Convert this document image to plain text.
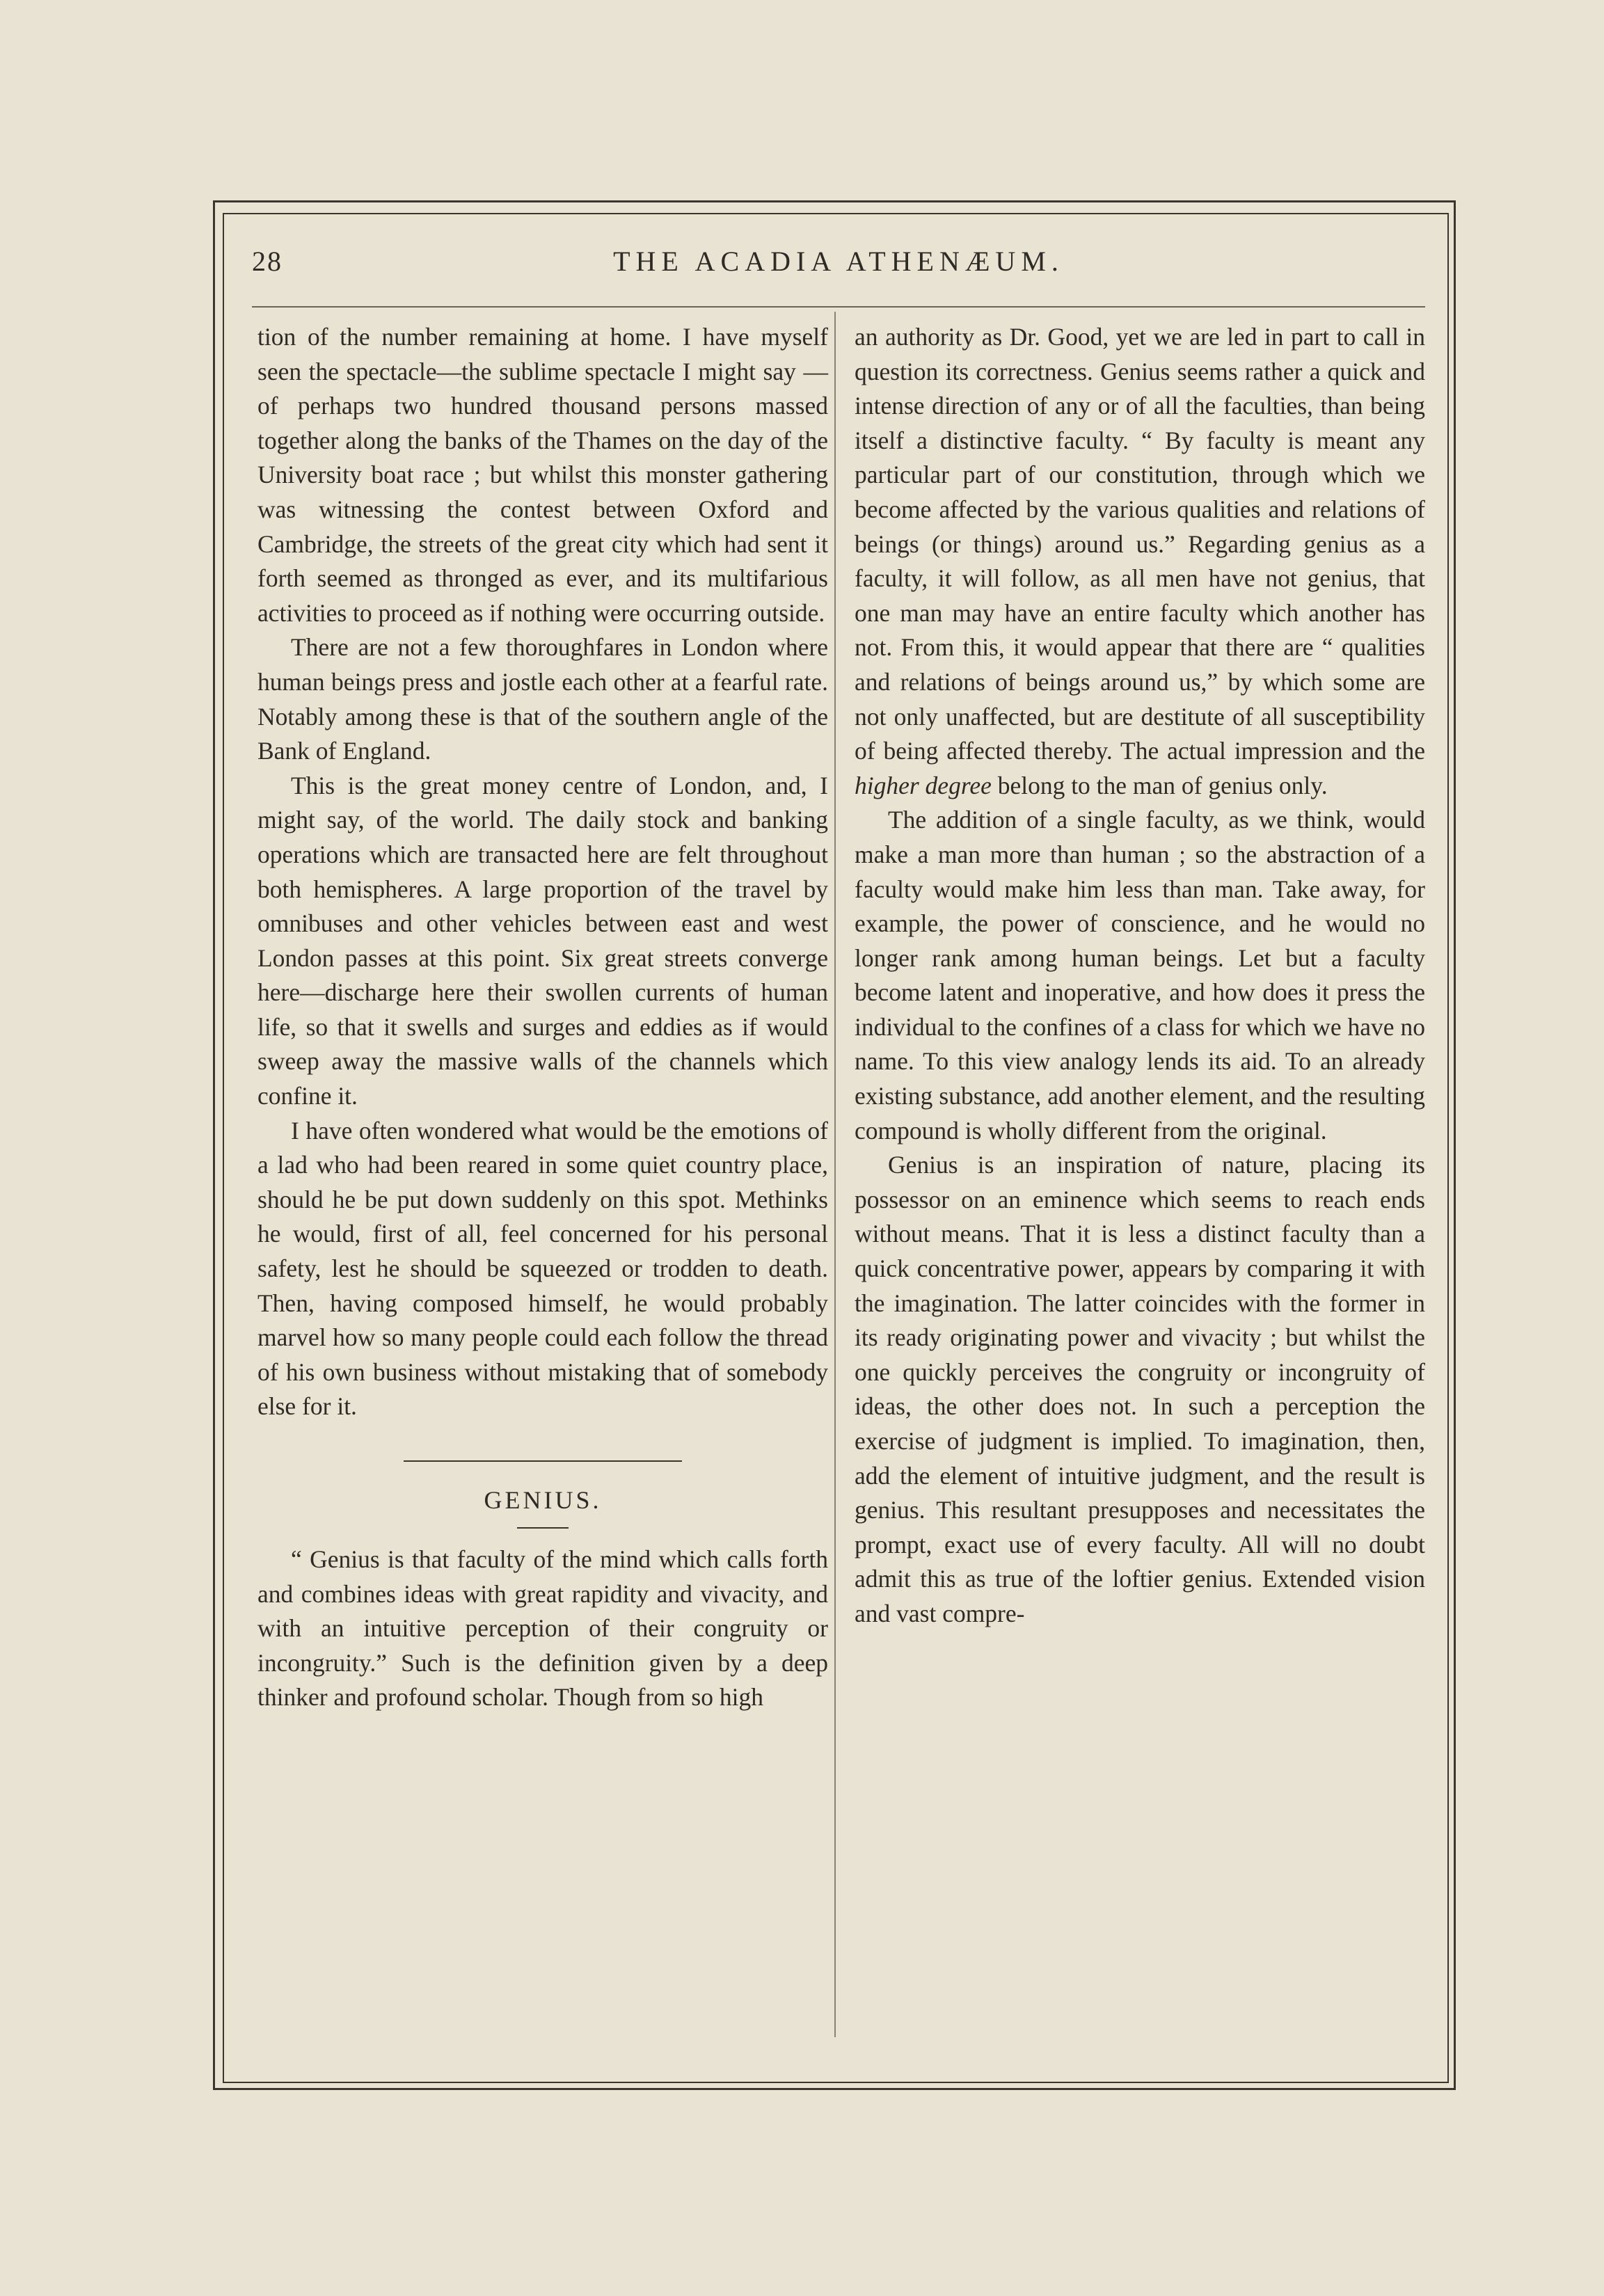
28	THE ACADIA ATHENÆUM.

tion of the number remaining at home. I have myself seen the spectacle—the sublime spectacle I might say — of perhaps two hundred thousand persons massed together along the banks of the Thames on the day of the University boat race ; but whilst this monster gathering was witnessing the contest between Oxford and Cambridge, the streets of the great city which had sent it forth seemed as thronged as ever, and its multifarious activities to proceed as if nothing were occurring outside.

There are not a few thoroughfares in London where human beings press and jostle each other at a fearful rate. Notably among these is that of the southern angle of the Bank of England.

This is the great money centre of London, and, I might say, of the world. The daily stock and banking operations which are transacted here are felt throughout both hemispheres. A large proportion of the travel by omnibuses and other vehicles between east and west London passes at this point. Six great streets converge here—discharge here their swollen currents of human life, so that it swells and surges and eddies as if would sweep away the massive walls of the channels which confine it.

I have often wondered what would be the emotions of a lad who had been reared in some quiet country place, should he be put down suddenly on this spot. Methinks he would, first of all, feel concerned for his personal safety, lest he should be squeezed or trodden to death. Then, having composed himself, he would probably marvel how so many people could each follow the thread of his own business without mistaking that of somebody else for it.

GENIUS.

“ Genius is that faculty of the mind which calls forth and combines ideas with great rapidity and vivacity, and with an intuitive perception of their congruity or incongruity.” Such is the definition given by a deep thinker and profound scholar. Though from so high

an authority as Dr. Good, yet we are led in part to call in question its correctness. Genius seems rather a quick and intense direction of any or of all the faculties, than being itself a distinctive faculty. “ By faculty is meant any particular part of our constitution, through which we become affected by the various qualities and relations of beings (or things) around us.” Regarding genius as a faculty, it will follow, as all men have not genius, that one man may have an entire faculty which another has not. From this, it would appear that there are “ qualities and relations of beings around us,” by which some are not only unaffected, but are destitute of all susceptibility of being affected thereby. The actual impression and the higher degree belong to the man of genius only.

The addition of a single faculty, as we think, would make a man more than human ; so the abstraction of a faculty would make him less than man. Take away, for example, the power of conscience, and he would no longer rank among human beings. Let but a faculty become latent and inoperative, and how does it press the individual to the confines of a class for which we have no name. To this view analogy lends its aid. To an already existing substance, add another element, and the resulting compound is wholly different from the original.

Genius is an inspiration of nature, placing its possessor on an eminence which seems to reach ends without means. That it is less a distinct faculty than a quick concentrative power, appears by comparing it with the imagination. The latter coincides with the former in its ready originating power and vivacity ; but whilst the one quickly perceives the congruity or incongruity of ideas, the other does not. In such a perception the exercise of judgment is implied. To imagination, then, add the element of intuitive judgment, and the result is genius. This resultant presupposes and necessitates the prompt, exact use of every faculty. All will no doubt admit this as true of the loftier genius. Extended vision and vast compre-
